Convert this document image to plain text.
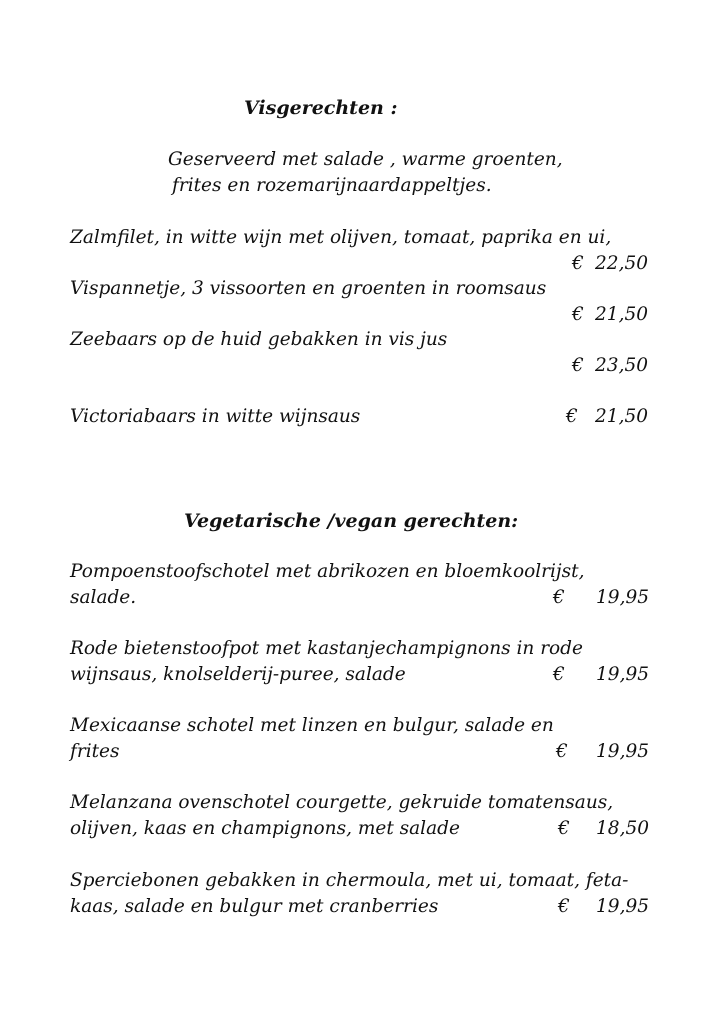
Visgerechten :
Geserveerd met salade , warme groenten,
frites en rozemarijnaardappeltjes.
Zalmfilet, in witte wijn met olijven, tomaat, paprika en ui,
€ 22,50
Vispannetje, 3 vissoorten en groenten in roomsaus
€ 21,50
Zeebaars op de huid gebakken in vis jus
€ 23,50
Victoriabaars in witte wijnsaus	€ 21,50
Vegetarische /vegan gerechten:
Pompoenstoofschotel met abrikozen en bloemkoolrijst,
salade.	€ 19,95
Rode bietenstoofpot met kastanjechampignons in rode
wijnsaus, knolselderij-puree, salade	€ 19,95
Mexicaanse schotel met linzen en bulgur, salade en
frites	€ 19,95
Melanzana ovenschotel courgette, gekruide tomatensaus,
olijven, kaas en champignons, met salade	€ 18,50
Sperciebonen gebakken in chermoula, met ui, tomaat, feta-
kaas, salade en bulgur met cranberries	€ 19,95
